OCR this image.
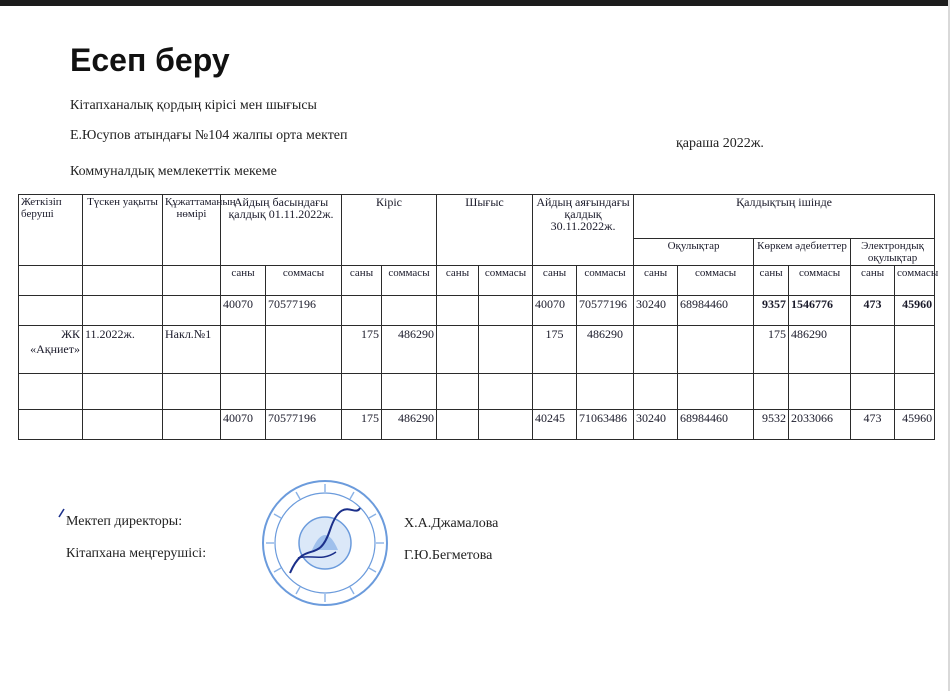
Есеп беру
Кітапханалық қордың кірісі мен шығысы
Е.Юсупов атындағы №104 жалпы орта мектеп
қараша 2022ж.
Коммуналдық мемлекеттік мекеме
Жеткізіп беруші	Түскен уақыты	Құжаттаманың нөмірі	Айдың басындағы қалдық 01.11.2022ж.		Кіріс		Шығыс		Айдың аяғындағы қалдық 30.11.2022ж.		Қалдықтың ішінде					
											Оқулықтар		Көркем әдебиеттер		Электрондық оқулықтар	
			саны	соммасы	саны	соммасы	саны	соммасы	саны	соммасы	саны	соммасы	саны	соммасы	саны	соммасы
			40070	70577196					40070	70577196	30240	68984460	9357	1546776	473	45960
ЖК «Ақниет»	11.2022ж.	Накл.№1			175	486290			175	486290			175	486290		

			40070	70577196	175	486290			40245	71063486	30240	68984460	9532	2033066	473	45960
Мектеп директоры:	Х.А.Джамалова
Кітапхана меңгерушісі:	Г.Ю.Бегметова
